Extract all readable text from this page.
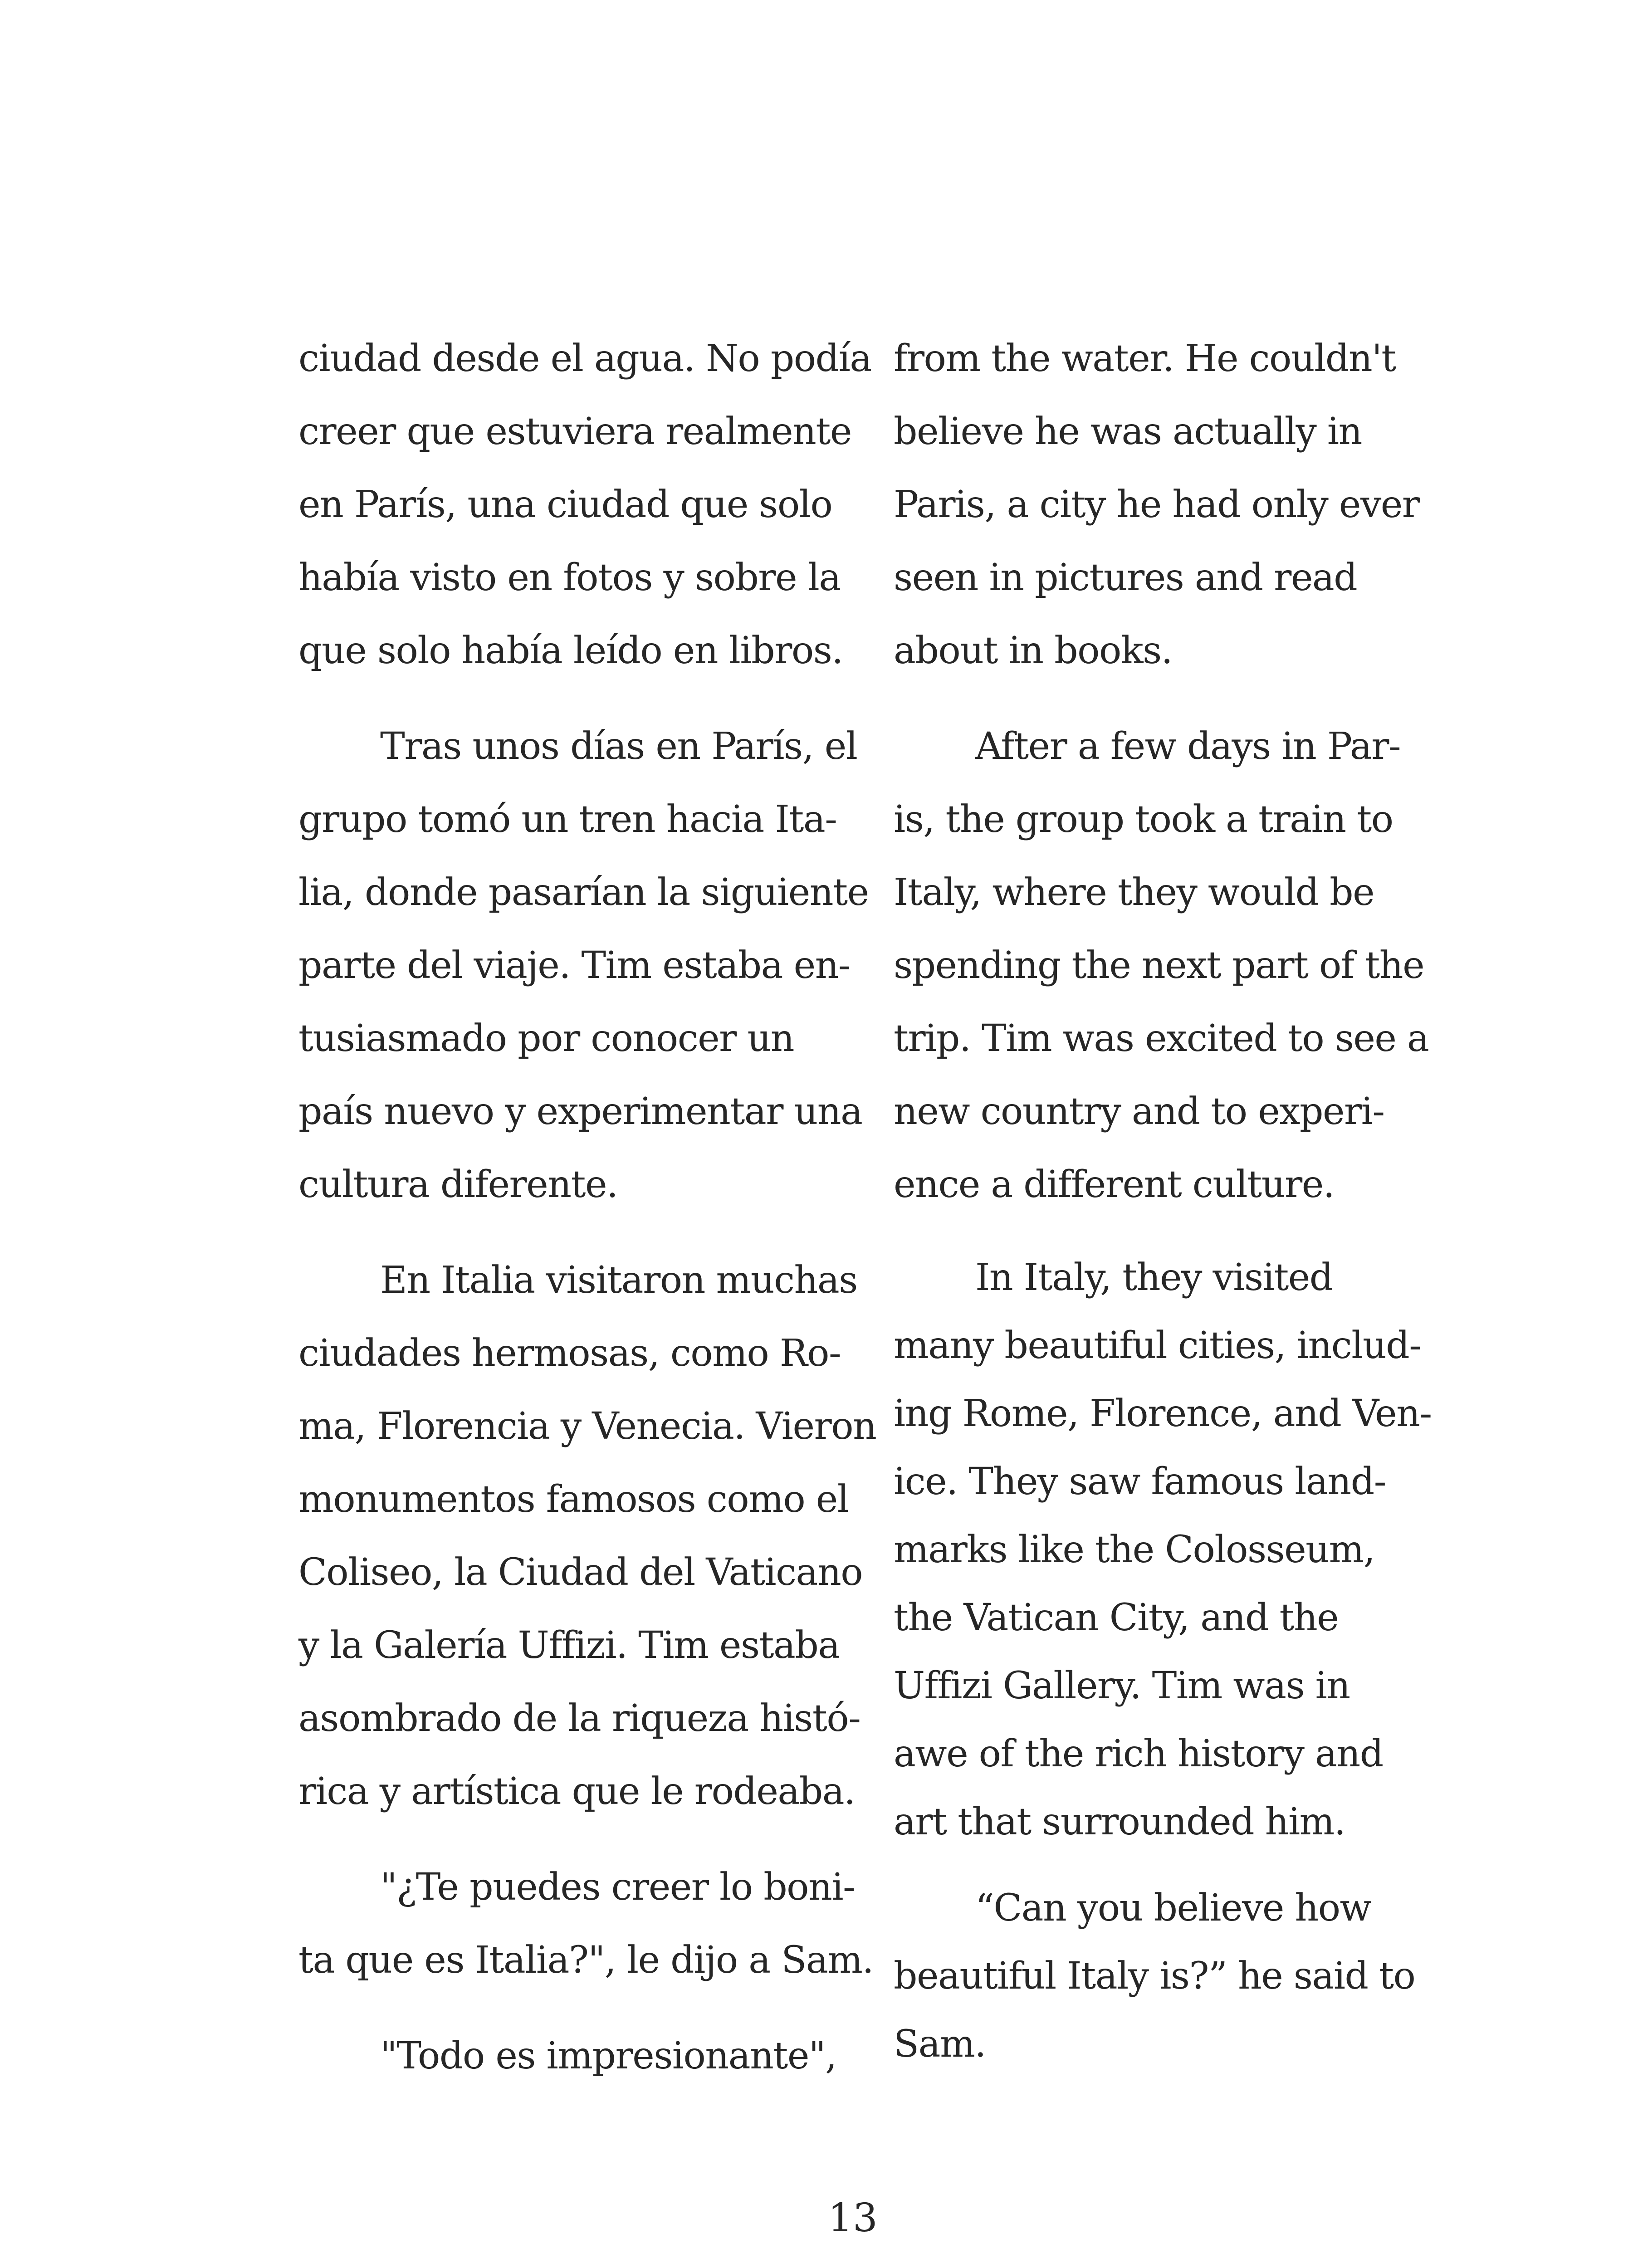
ciudad desde el agua. No podía
creer que estuviera realmente
en París, una ciudad que solo
había visto en fotos y sobre la
que solo había leído en libros.
Tras unos días en París, el
grupo tomó un tren hacia Ita-
lia, donde pasarían la siguiente
parte del viaje. Tim estaba en-
tusiasmado por conocer un
país nuevo y experimentar una
cultura diferente.
En Italia visitaron muchas
ciudades hermosas, como Ro-
ma, Florencia y Venecia. Vieron
monumentos famosos como el
Coliseo, la Ciudad del Vaticano
y la Galería Uffizi. Tim estaba
asombrado de la riqueza histó-
rica y artística que le rodeaba.
"¿Te puedes creer lo boni-
ta que es Italia?", le dijo a Sam.
"Todo es impresionante",
from the water. He couldn't
believe he was actually in
Paris, a city he had only ever
seen in pictures and read
about in books.
After a few days in Par-
is, the group took a train to
Italy, where they would be
spending the next part of the
trip. Tim was excited to see a
new country and to experi-
ence a different culture.
In Italy, they visited
many beautiful cities, includ-
ing Rome, Florence, and Ven-
ice. They saw famous land-
marks like the Colosseum,
the Vatican City, and the
Uffizi Gallery. Tim was in
awe of the rich history and
art that surrounded him.
“Can you believe how
beautiful Italy is?” he said to
Sam.
13
